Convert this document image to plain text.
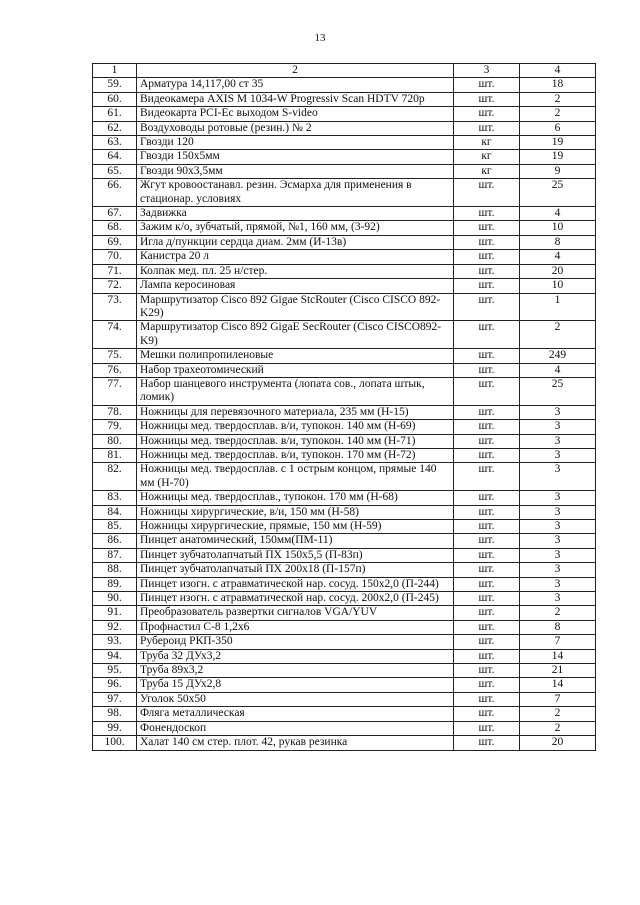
13
1	2	3	4
59.	Арматура 14,117,00 ст 35	шт.	18
60.	Видеокамера AXIS M 1034-W Progressiv Scan HDTV 720p	шт.	2
61.	Видеокарта PCI-Ec выходом S-video	шт.	2
62.	Воздуховоды ротовые (резин.) № 2	шт.	6
63.	Гвозди 120	кг	19
64.	Гвозди 150х5мм	кг	19
65.	Гвозди 90х3,5мм	кг	9
66.	Жгут кровоостанавл. резин. Эсмарха для применения в стационар. условиях	шт.	25
67.	Задвижка	шт.	4
68.	Зажим к/о, зубчатый, прямой, №1, 160 мм, (3-92)	шт.	10
69.	Игла д/пункции сердца диам. 2мм (И-13в)	шт.	8
70.	Канистра 20 л	шт.	4
71.	Колпак мед. пл. 25 н/стер.	шт.	20
72.	Лампа керосиновая	шт.	10
73.	Маршрутизатор Cisco 892 Gigae StcRouter (Cisco CISCO 892-K29)	шт.	1
74.	Маршрутизатор Cisco 892 GigaE SecRouter (Cisco CISCO892-K9)	шт.	2
75.	Мешки полипропиленовые	шт.	249
76.	Набор трахеотомический	шт.	4
77.	Набор шанцевого инструмента (лопата сов., лопата штык, ломик)	шт.	25
78.	Ножницы для перевязочного материала, 235 мм (Н-15)	шт.	3
79.	Ножницы мед. твердосплав. в/и, тупокон. 140 мм (Н-69)	шт.	3
80.	Ножницы мед. твердосплав. в/и, тупокон. 140 мм (Н-71)	шт.	3
81.	Ножницы мед. твердосплав. в/и, тупокон. 170 мм (Н-72)	шт.	3
82.	Ножницы мед. твердосплав. с 1 острым концом, прямые 140 мм (Н-70)	шт.	3
83.	Ножницы мед. твердосплав., тупокон. 170 мм (Н-68)	шт.	3
84.	Ножницы хирургические, в/и, 150 мм (Н-58)	шт.	3
85.	Ножницы хирургические, прямые, 150 мм (Н-59)	шт.	3
86.	Пинцет анатомический, 150мм(ПМ-11)	шт.	3
87.	Пинцет зубчатолапчатый ПХ 150х5,5 (П-83п)	шт.	3
88.	Пинцет зубчатолапчатый ПХ 200х18 (П-157п)	шт.	3
89.	Пинцет изогн. с атравматической нар. сосуд. 150х2,0 (П-244)	шт.	3
90.	Пинцет изогн. с атравматической нар. сосуд. 200х2,0 (П-245)	шт.	3
91.	Преобразователь развертки сигналов VGA/YUV	шт.	2
92.	Профнастил С-8 1,2х6	шт.	8
93.	Рубероид РКП-350	шт.	7
94.	Труба 32 ДУх3,2	шт.	14
95.	Труба 89х3,2	шт.	21
96.	Труба 15 ДУх2,8	шт.	14
97.	Уголок 50х50	шт.	7
98.	Фляга металлическая	шт.	2
99.	Фонендоскоп	шт.	2
100.	Халат 140 см стер. плот. 42, рукав резинка	шт.	20
